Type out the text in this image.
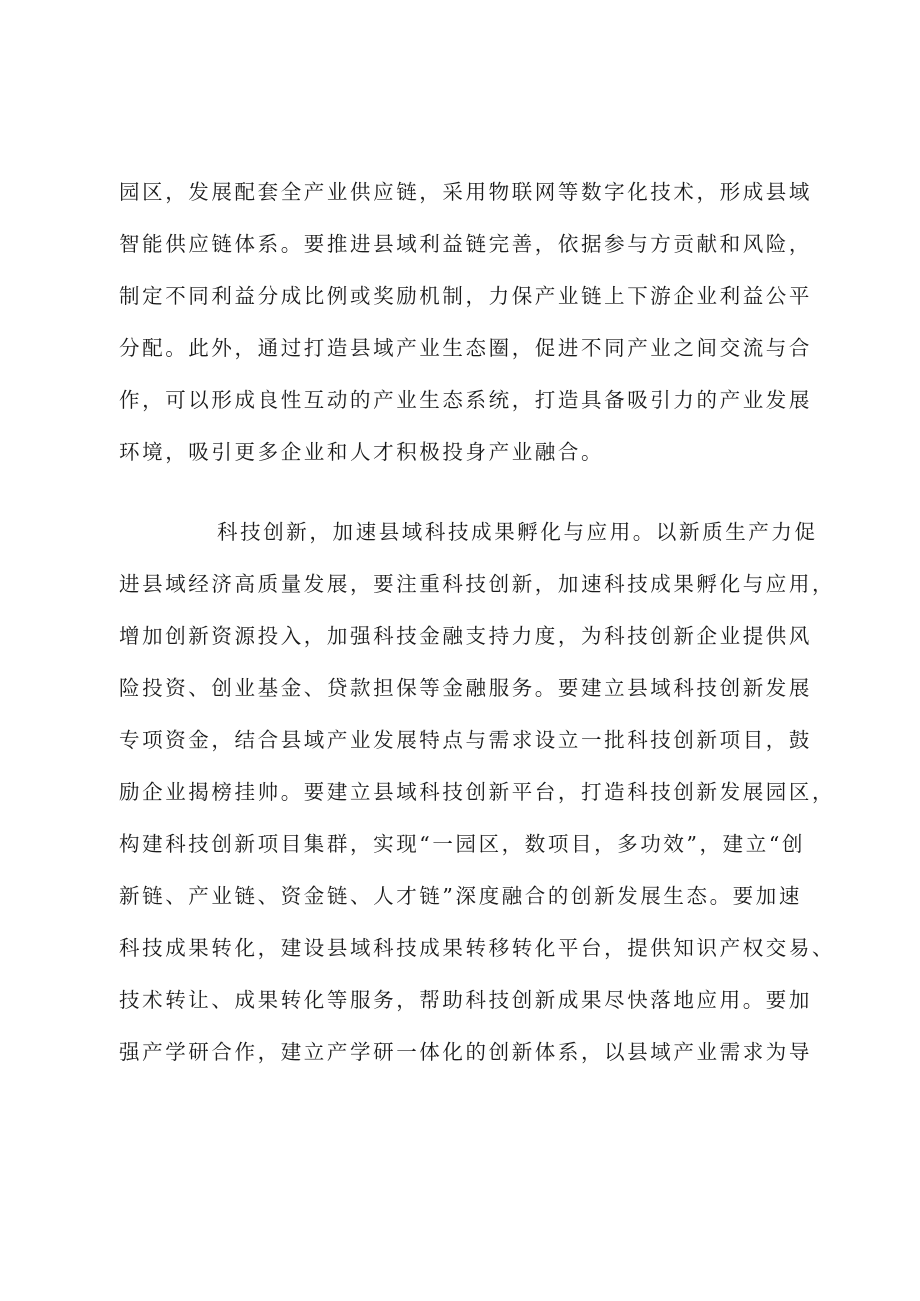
园区，发展配套全产业供应链，采用物联网等数字化技术，形成县域
智能供应链体系。要推进县域利益链完善，依据参与方贡献和风险，
制定不同利益分成比例或奖励机制，力保产业链上下游企业利益公平
分配。此外，通过打造县域产业生态圈，促进不同产业之间交流与合
作，可以形成良性互动的产业生态系统，打造具备吸引力的产业发展
环境，吸引更多企业和人才积极投身产业融合。
科技创新，加速县域科技成果孵化与应用。以新质生产力促
进县域经济高质量发展，要注重科技创新，加速科技成果孵化与应用，
增加创新资源投入，加强科技金融支持力度，为科技创新企业提供风
险投资、创业基金、贷款担保等金融服务。要建立县域科技创新发展
专项资金，结合县域产业发展特点与需求设立一批科技创新项目，鼓
励企业揭榜挂帅。要建立县域科技创新平台，打造科技创新发展园区，
构建科技创新项目集群，实现“一园区，数项目，多功效”，建立“创
新链、产业链、资金链、人才链”深度融合的创新发展生态。要加速
科技成果转化，建设县域科技成果转移转化平台，提供知识产权交易、
技术转让、成果转化等服务，帮助科技创新成果尽快落地应用。要加
强产学研合作，建立产学研一体化的创新体系，以县域产业需求为导
